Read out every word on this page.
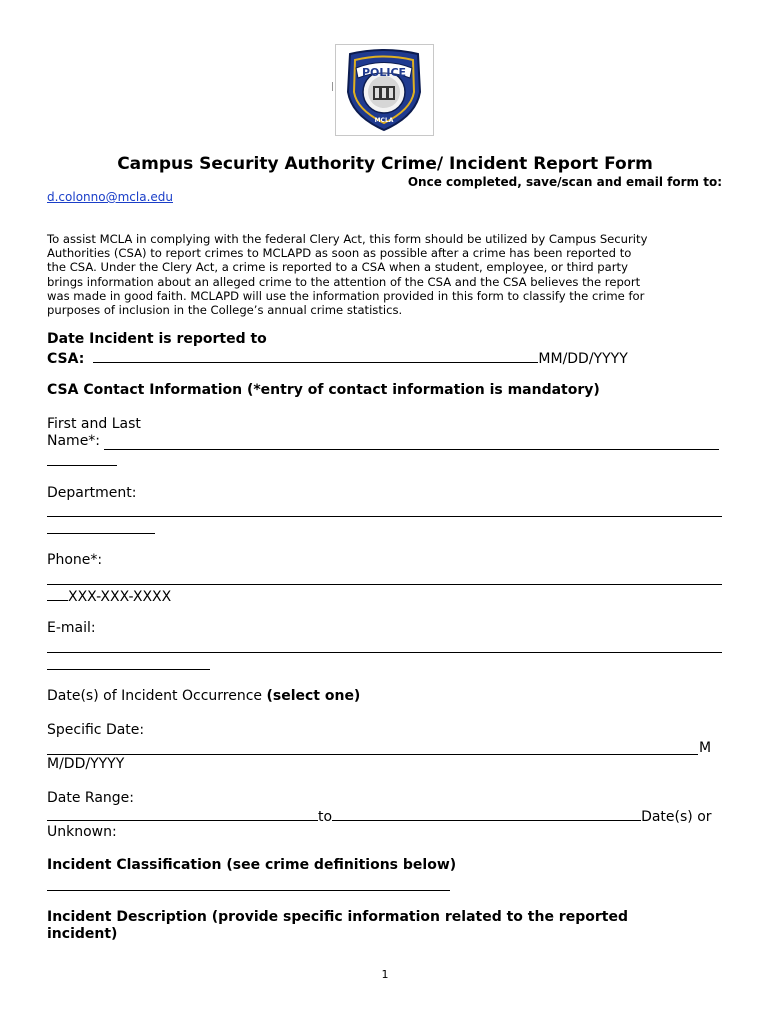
|
POLICE
MCLA
Campus Security Authority Crime/ Incident Report Form
Once completed, save/scan and email form to:
d.colonno@mcla.edu

To assist MCLA in complying with the federal Clery Act, this form should be utilized by Campus Security

Authorities (CSA) to report crimes to MCLAPD as soon as possible after a crime has been reported to

the CSA. Under the Clery Act, a crime is reported to a CSA when a student, employee, or third party

brings information about an alleged crime to the attention of the CSA and the CSA believes the report

was made in good faith. MCLAPD will use the information provided in this form to classify the crime for

purposes of inclusion in the College’s annual crime statistics.

Date Incident is reported to
CSA:	MM/DD/YYYY
CSA Contact Information (*entry of contact information is mandatory)
First and Last
Name*:
Department:
Phone*:
XXX-XXX-XXXX
E-mail:
Date(s) of Incident Occurrence (select one)
Specific Date:
M
M/DD/YYYY
Date Range:
to	Date(s) or
Unknown:
Incident Classification (see crime definitions below)
Incident Description (provide specific information related to the reported
incident)
1
